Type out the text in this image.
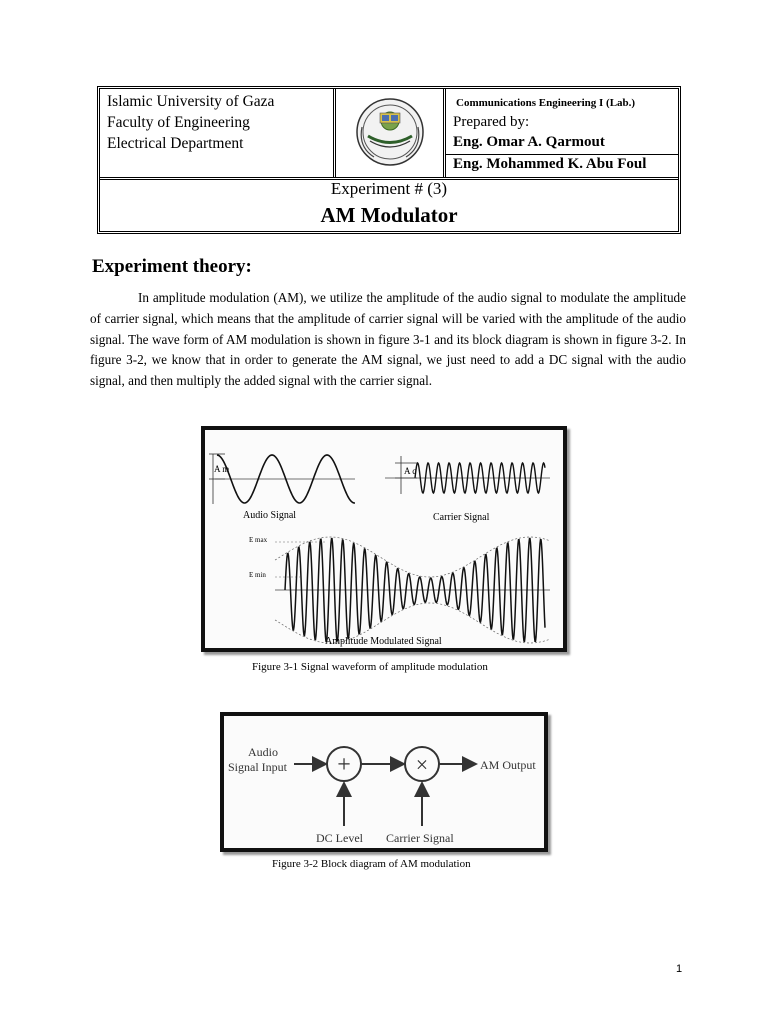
Islamic University of Gaza
Faculty of Engineering
Electrical Department
Communications Engineering I (Lab.)
Prepared by:
Eng. Omar A. Qarmout
Eng. Mohammed K. Abu Foul
Experiment # (3)
AM Modulator
Experiment theory:
In amplitude modulation (AM), we utilize the amplitude of the audio signal to modulate the amplitude of carrier signal, which means that the amplitude of carrier signal will be varied with the amplitude of the audio signal. The wave form of AM modulation is shown in figure 3-1 and its block diagram is shown in figure 3-2. In figure 3-2, we know that in order to generate the AM signal, we just need to add a DC signal with the audio signal, and then multiply the added signal with the carrier signal.
A m
Audio Signal
A c
Carrier Signal
E max
E min
Amplitude Modulated Signal
Figure 3-1 Signal waveform of amplitude modulation
Audio
Signal Input +	×	AM Output
DC Level Carrier Signal
Figure 3-2 Block diagram of AM modulation
1
